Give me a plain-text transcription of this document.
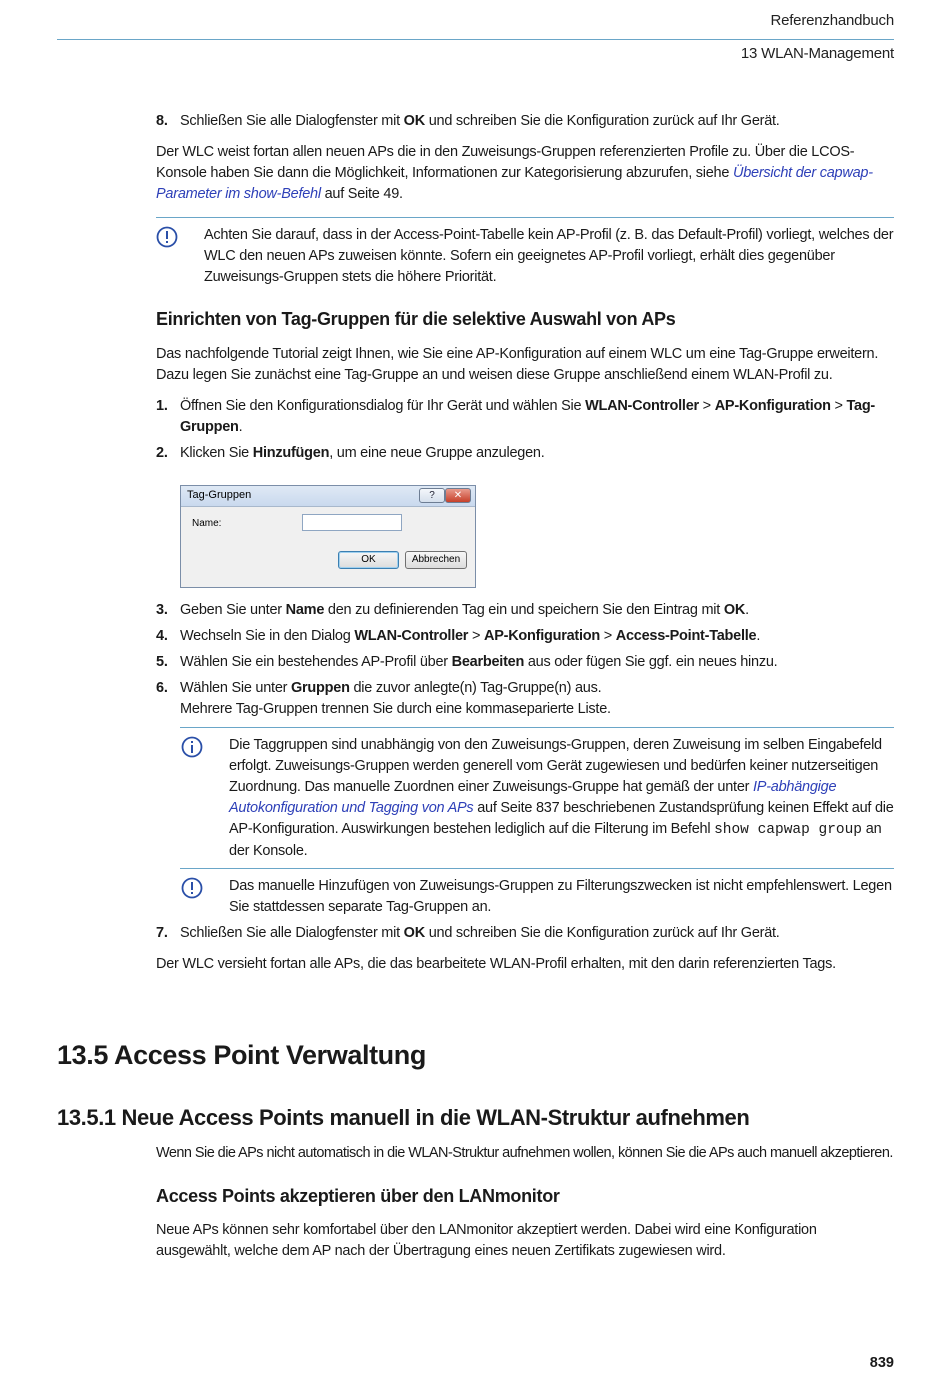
Referenzhandbuch
13 WLAN-Management
8. Schließen Sie alle Dialogfenster mit OK und schreiben Sie die Konfiguration zurück auf Ihr Gerät.
Der WLC weist fortan allen neuen APs die in den Zuweisungs-Gruppen referenzierten Profile zu. Über die LCOS-Konsole haben Sie dann die Möglichkeit, Informationen zur Kategorisierung abzurufen, siehe Übersicht der capwap-Parameter im show-Befehl auf Seite 49.
Achten Sie darauf, dass in der Access-Point-Tabelle kein AP-Profil (z. B. das Default-Profil) vorliegt, welches der WLC den neuen APs zuweisen könnte. Sofern ein geeignetes AP-Profil vorliegt, erhält dies gegenüber Zuweisungs-Gruppen stets die höhere Priorität.
Einrichten von Tag-Gruppen für die selektive Auswahl von APs
Das nachfolgende Tutorial zeigt Ihnen, wie Sie eine AP-Konfiguration auf einem WLC um eine Tag-Gruppe erweitern. Dazu legen Sie zunächst eine Tag-Gruppe an und weisen diese Gruppe anschließend einem WLAN-Profil zu.
1. Öffnen Sie den Konfigurationsdialog für Ihr Gerät und wählen Sie WLAN-Controller > AP-Konfiguration > Tag-Gruppen.
2. Klicken Sie Hinzufügen, um eine neue Gruppe anzulegen.
Tag-Gruppen	?	✕
Name:
OK	Abbrechen
3. Geben Sie unter Name den zu definierenden Tag ein und speichern Sie den Eintrag mit OK.
4. Wechseln Sie in den Dialog WLAN-Controller > AP-Konfiguration > Access-Point-Tabelle.
5. Wählen Sie ein bestehendes AP-Profil über Bearbeiten aus oder fügen Sie ggf. ein neues hinzu.
6. Wählen Sie unter Gruppen die zuvor anlegte(n) Tag-Gruppe(n) aus.
Mehrere Tag-Gruppen trennen Sie durch eine kommaseparierte Liste.
Die Taggruppen sind unabhängig von den Zuweisungs-Gruppen, deren Zuweisung im selben Eingabefeld erfolgt. Zuweisungs-Gruppen werden generell vom Gerät zugewiesen und bedürfen keiner nutzerseitigen Zuordnung. Das manuelle Zuordnen einer Zuweisungs-Gruppe hat gemäß der unter IP-abhängige Autokonfiguration und Tagging von APs auf Seite 837 beschriebenen Zustandsprüfung keinen Effekt auf die AP-Konfiguration. Auswirkungen bestehen lediglich auf die Filterung im Befehl show capwap group an der Konsole.
Das manuelle Hinzufügen von Zuweisungs-Gruppen zu Filterungszwecken ist nicht empfehlenswert. Legen Sie stattdessen separate Tag-Gruppen an.
7. Schließen Sie alle Dialogfenster mit OK und schreiben Sie die Konfiguration zurück auf Ihr Gerät.
Der WLC versieht fortan alle APs, die das bearbeitete WLAN-Profil erhalten, mit den darin referenzierten Tags.
13.5 Access Point Verwaltung
13.5.1 Neue Access Points manuell in die WLAN-Struktur aufnehmen
Wenn Sie die APs nicht automatisch in die WLAN-Struktur aufnehmen wollen, können Sie die APs auch manuell akzeptieren.
Access Points akzeptieren über den LANmonitor
Neue APs können sehr komfortabel über den LANmonitor akzeptiert werden. Dabei wird eine Konfiguration ausgewählt, welche dem AP nach der Übertragung eines neuen Zertifikats zugewiesen wird.
839
